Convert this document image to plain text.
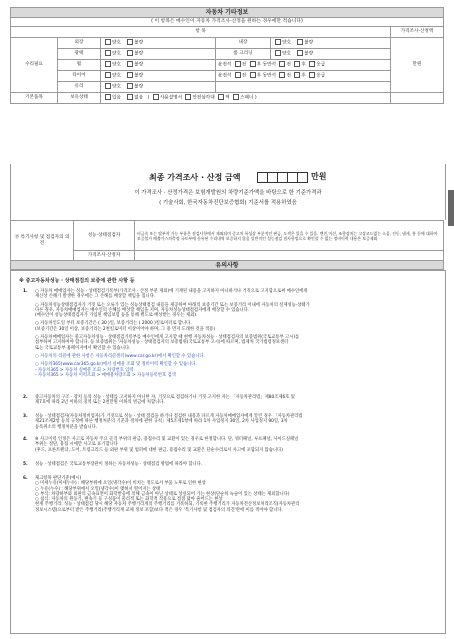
자동차 기타정보					
( 이 항목은 매수인이 자동차 가격조사·산정을 원하는 경우에만 적습니다)					
항 목					가격조사·산정액
수리필요	외장	양호 불량	내장	양호 불량	만원
	광택	양호 불량	룸 크리닝	양호 불량	
	휠	양호 불량	운전석 전 후 동반석 전 후 응급		
	타이어	양호 불량	운전석 전 후 동반석 전 후 응급		
	유리	양호 불량			
기본품목	보유상태	있음 없음   ( 사용설명서 안전삼각대 잭 스패너 )			
최종 가격조사 · 산정 금액	만원
이 가격조사 · 산정가격은 보험개발원의 차량기준가액을 바탕으로 한 기준가격과
( 기술사회, 한국자동차진단보증협회) 기준서를 적용하였음
⑮ 특기사항 및 점검자의 의견	성능·상태점검자	비금속 또는 탈부착 가능 부품은 점검사항에서 제외되며 중고차 특성상 부분적인 판금, 도색은 있을 수 있음. 엔진,미션, 조향장치는 고장코드없는 소음, 진동, 냄새, 흠 등에 대하여 보증불가 배출가스의측정 국토부에 등록된 수리내역 보증하지 않음 일반적인 성능점검 점사항법으로 확인할 수 없는 정비이력 내용은 보증제외
	가격조사·산정자	
유의사항
※ 중고자동차성능 · 상태점검의 보증에 관한 사항 등
1. ○ 자동차 매매업자는 성능 · 상태점검기록부(가격조사 · 산정 부분 제외)에 기재된 내용을 고지하지 아니하거나 거짓으로 고지함으로써 매수인에게
재산상 손해가 발생한 경우에는 그 손해를 배상할 책임을 집니다.
○ 자동차성능상태점검자가 거짓 또는 오류가 있는 성능상태점검 내용을 제공하여 아래의 보증기간 또는 보증거리 이내에 자동차의 실제성능·상태가
다른 경우, 자동차매매업자는 매수인의 손해를 배상할 책임을 지며, 자동차성능상태점검자에게 배상할 수 있습니다.
(매수인이 성능상태점검자가 가입된 책임보험 등을 통해 별도로 배상받는 경우는 제외)
○ 자동차인도일 부터 보증기간은 ( 30 )일, 보증거리는 ( 2000 )킬로미터로 합니다.
(보증기간은 30일 이상, 보증거리는 2천킬로미터 이상이어야 하며, 그 중 먼저 도래한 것을 적용)
○ 자동차매매업자는 중고자동차성능 · 상태점검기록부를 매수인에게 고지할 때 현행 자동차성능 · 상태점검자의 보증범위(국토교통부 고시)를
첨부하여 고지하여야 합니다. 등 보증범위는 '자동차성능 · 상태점검자의 보증범위(국토교통부 고시)에 따르며, 법제처 국가법령정보센터
또는 국토교통부 홈페이지에서 확인할 수 있습니다.
○ 자동차의 리콜에 관한 사항은 자동차리콜센터(www.car.go.kr)에서 확인할 수 있습니다.
○ 자동차365(www.car365.go.kr)에서 실매물 조회 및 정비이력 확인할 수 있습니다.
- 자동차365 > 자동차 실매물 조회 > 차량번호 입력
- 자동차365 > 자동차 이력조회 > 매매용차량조회 > 자동차등록번호 검색
2. 중고자동차의 구조 · 장치 등의 성능 · 상태를 고지하지 아니한 자, 거짓으로 점검하거나 거짓 고지한 자는 「자동차관리법」제80조제6호 및
제7호에 따라 2년 이하의 징역 또는 2천만원 이하의 벌금에 처합니다.
3. 성능 · 상태점검자(자동차정비업자)가 거짓으로 성능 · 상태 점검을 하거나 점검한 내용과 다르게 자동차매매업자에게 알린 경우 「자동차관리법
제21조제2항 등의 규정에 따른 행정처분의 기준과 절차에 관한 규칙」제5조제1항에 따라 1차 사업정지 30일, 2차 사업정지 90일, 3차
등록취소의 행정처분을 받습니다.
4. ※ 사고이력 인정은 사고로 자동차 주요 골격 부위의 판금, 용접수리 및 교환이 있는 경우로 한정합니다. 단, 쿼터패널, 루프패널, 사이드실패널
부위는 절단, 용접 시에만 사고로 표기합니다
(후드, 프론트펜더, 도어, 트렁크리드 등 외판 부위 및 범퍼에 대한 판금, 용접수리 및 교환은 단순수리로서 사고에 포함되지 않습니다)
5. 성능 · 상태점검은 국토교통부장관이 정하는 자동차성능 · 상태점검 방법에 따라야 합니다.
6. 체크항목 판단기준(예시)
○ 미세누유(미세누수) : 해당부위에 오일(냉각수)이 비치는 정도로서 부품 노후로 인한 현상
○ 누유(누수) : 해당부위에서 오일(냉각수)이 맺혀서 떨어지는 상태
○ 부식: 차량하부와 외판의 금속표면이 화학반응에 의해 금속이 아닌 상태로 상실되어 가는 현상(단순히 녹슬어 있는 상태는 제외합니다)
○ 침식: 자동차의 원동기, 변속기 등 구성품이 물리적 또는 화학적 작용으로 점점 닳아 줄어드는 현상
현재 주행거리: 성능 · 상태점검 당시 해당 자동차 주행거리계의 주행거리를 기록하되, 기록한 주행거리가 자동차전산정보처리조직(자동차관리
정보시스템)으로부터 받은 주행거리(주행거리계 교체 정보 포함)보다 적은 경우 '특기사항 및 점검자의 의견'란에 이를 적어야 합니다.
